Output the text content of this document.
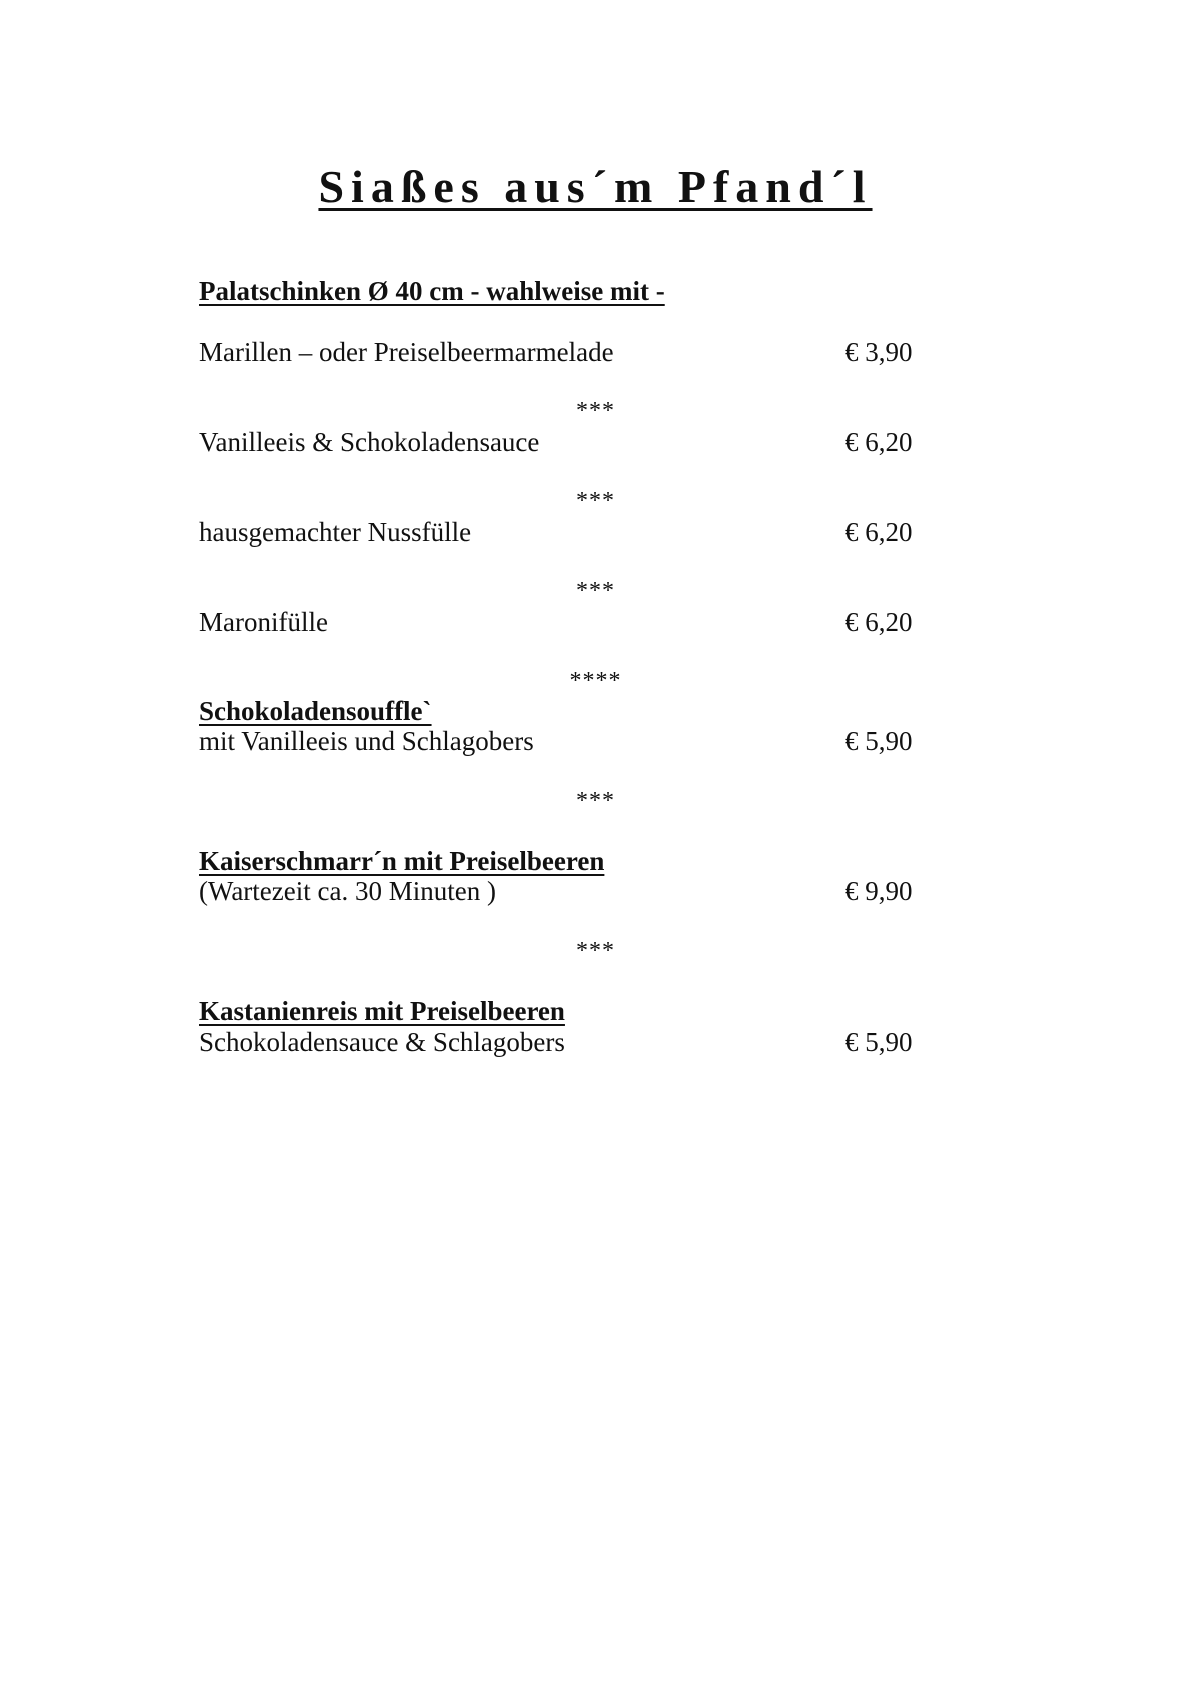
Siaßes aus´m Pfand´l
Palatschinken Ø 40 cm - wahlweise mit -
Marillen – oder Preiselbeermarmelade	€ 3,90
***
Vanilleeis & Schokoladensauce	€ 6,20
***
hausgemachter Nussfülle	€ 6,20
***
Maronifülle	€ 6,20
****
Schokoladensouffle`
mit Vanilleeis und Schlagobers	€ 5,90
***
Kaiserschmarr´n mit Preiselbeeren
(Wartezeit ca. 30 Minuten )	€ 9,90
***
Kastanienreis mit Preiselbeeren
Schokoladensauce & Schlagobers	€ 5,90
